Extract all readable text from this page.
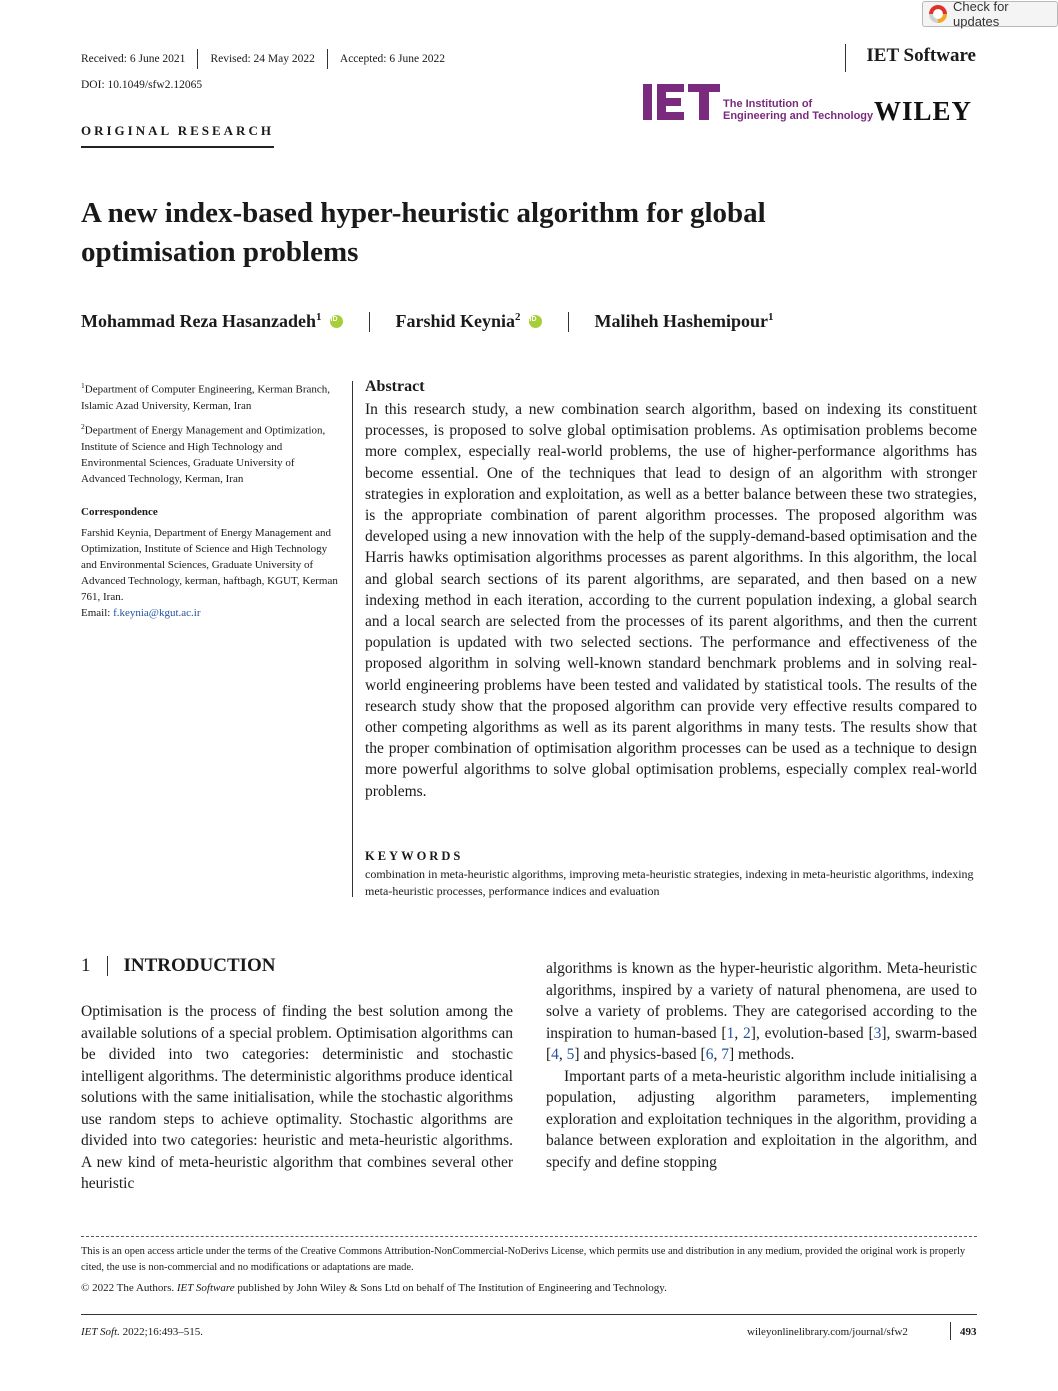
Check for updates
Received: 6 June 2021 Revised: 24 May 2022 Accepted: 6 June 2022
DOI: 10.1049/sfw2.12065
IET Software
ORIGINAL RESEARCH
The Institution of
Engineering and Technology WILEY
A new index-based hyper-heuristic algorithm for global optimisation problems
Mohammad Reza Hasanzadeh$^1$ iD	Farshid Keynia$^2$ iD	Maliheh Hashemipour$^1$
$^1$Department of Computer Engineering, Kerman Branch, Islamic Azad University, Kerman, Iran
$^2$Department of Energy Management and Optimization, Institute of Science and High Technology and Environmental Sciences, Graduate University of Advanced Technology, Kerman, Iran
Correspondence
Farshid Keynia, Department of Energy Management and Optimization, Institute of Science and High Technology and Environmental Sciences, Graduate University of Advanced Technology, kerman, haftbagh, KGUT, Kerman 761, Iran.
Email: f.keynia@kgut.ac.ir
Abstract
In this research study, a new combination search algorithm, based on indexing its constituent processes, is proposed to solve global optimisation problems. As optimisation problems become more complex, especially real-world problems, the use of higher-performance algorithms has become essential. One of the techniques that lead to design of an algorithm with stronger strategies in exploration and exploitation, as well as a better balance between these two strategies, is the appropriate combination of parent algorithm processes. The proposed algorithm was developed using a new innovation with the help of the supply-demand-based optimisation and the Harris hawks optimisation algorithms processes as parent algorithms. In this algorithm, the local and global search sections of its parent algorithms, are separated, and then based on a new indexing method in each iteration, according to the current population indexing, a global search and a local search are selected from the processes of its parent algorithms, and then the current population is updated with two selected sections. The performance and effectiveness of the proposed algorithm in solving well-known standard benchmark problems and in solving real-world engineering problems have been tested and validated by statistical tools. The results of the research study show that the proposed algorithm can provide very effective results compared to other competing algorithms as well as its parent algorithms in many tests. The results show that the proper combination of optimisation algorithm processes can be used as a technique to design more powerful algorithms to solve global optimisation problems, especially complex real-world problems.
KEYWORDS
combination in meta-heuristic algorithms, improving meta-heuristic strategies, indexing in meta-heuristic algorithms, indexing meta-heuristic processes, performance indices and evaluation
1 INTRODUCTION

Optimisation is the process of finding the best solution among the available solutions of a special problem. Optimisation algorithms can be divided into two categories: deterministic and stochastic intelligent algorithms. The deterministic algorithms produce identical solutions with the same initialisation, while the stochastic algorithms use random steps to achieve optimality. Stochastic algorithms are divided into two categories: heuristic and meta-heuristic algorithms. A new kind of meta-heuristic algorithm that combines several other heuristic

algorithms is known as the hyper-heuristic algorithm. Meta-heuristic algorithms, inspired by a variety of natural phenomena, are used to solve a variety of problems. They are categorised according to the inspiration to human-based [1, 2], evolution-based [3], swarm-based [4, 5] and physics-based [6, 7] methods.

Important parts of a meta-heuristic algorithm include initialising a population, adjusting algorithm parameters, implementing exploration and exploitation techniques in the algorithm, providing a balance between exploration and exploitation in the algorithm, and specify and define stopping

This is an open access article under the terms of the Creative Commons Attribution-NonCommercial-NoDerivs License, which permits use and distribution in any medium, provided the original work is properly cited, the use is non-commercial and no modifications or adaptations are made.
© 2022 The Authors. IET Software published by John Wiley & Sons Ltd on behalf of The Institution of Engineering and Technology.
IET Soft. 2022;16:493–515.	wileyonlinelibrary.com/journal/sfw2	493
